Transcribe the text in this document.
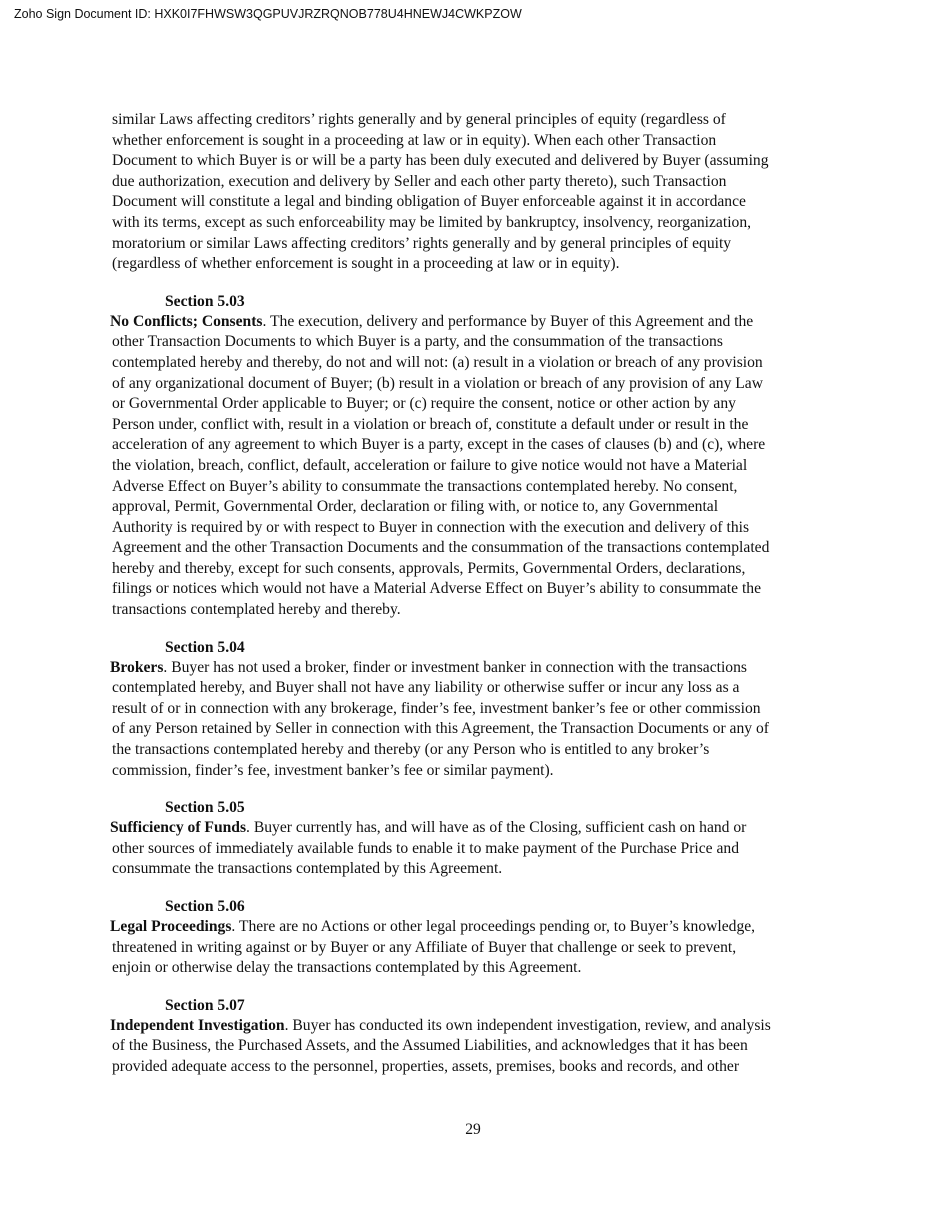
Zoho Sign Document ID: HXK0I7FHWSW3QGPUVJRZRQNOB778U4HNEWJ4CWKPZOW
similar Laws affecting creditors’ rights generally and by general principles of equity (regardless of
whether enforcement is sought in a proceeding at law or in equity). When each other Transaction
Document to which Buyer is or will be a party has been duly executed and delivered by Buyer (assuming
due authorization, execution and delivery by Seller and each other party thereto), such Transaction
Document will constitute a legal and binding obligation of Buyer enforceable against it in accordance
with its terms, except as such enforceability may be limited by bankruptcy, insolvency, reorganization,
moratorium or similar Laws affecting creditors’ rights generally and by general principles of equity
(regardless of whether enforcement is sought in a proceeding at law or in equity).
Section 5.03
No Conflicts; Consents. The execution, delivery and performance by Buyer of this Agreement and the
other Transaction Documents to which Buyer is a party, and the consummation of the transactions
contemplated hereby and thereby, do not and will not: (a) result in a violation or breach of any provision
of any organizational document of Buyer; (b) result in a violation or breach of any provision of any Law
or Governmental Order applicable to Buyer; or (c) require the consent, notice or other action by any
Person under, conflict with, result in a violation or breach of, constitute a default under or result in the
acceleration of any agreement to which Buyer is a party, except in the cases of clauses (b) and (c), where
the violation, breach, conflict, default, acceleration or failure to give notice would not have a Material
Adverse Effect on Buyer’s ability to consummate the transactions contemplated hereby. No consent,
approval, Permit, Governmental Order, declaration or filing with, or notice to, any Governmental
Authority is required by or with respect to Buyer in connection with the execution and delivery of this
Agreement and the other Transaction Documents and the consummation of the transactions contemplated
hereby and thereby, except for such consents, approvals, Permits, Governmental Orders, declarations,
filings or notices which would not have a Material Adverse Effect on Buyer’s ability to consummate the
transactions contemplated hereby and thereby.
Section 5.04
Brokers. Buyer has not used a broker, finder or investment banker in connection with the transactions
contemplated hereby, and Buyer shall not have any liability or otherwise suffer or incur any loss as a
result of or in connection with any brokerage, finder’s fee, investment banker’s fee or other commission
of any Person retained by Seller in connection with this Agreement, the Transaction Documents or any of
the transactions contemplated hereby and thereby (or any Person who is entitled to any broker’s
commission, finder’s fee, investment banker’s fee or similar payment).
Section 5.05
Sufficiency of Funds. Buyer currently has, and will have as of the Closing, sufficient cash on hand or
other sources of immediately available funds to enable it to make payment of the Purchase Price and
consummate the transactions contemplated by this Agreement.
Section 5.06
Legal Proceedings. There are no Actions or other legal proceedings pending or, to Buyer’s knowledge,
threatened in writing against or by Buyer or any Affiliate of Buyer that challenge or seek to prevent,
enjoin or otherwise delay the transactions contemplated by this Agreement.
Section 5.07
Independent Investigation. Buyer has conducted its own independent investigation, review, and analysis
of the Business, the Purchased Assets, and the Assumed Liabilities, and acknowledges that it has been
provided adequate access to the personnel, properties, assets, premises, books and records, and other
29
